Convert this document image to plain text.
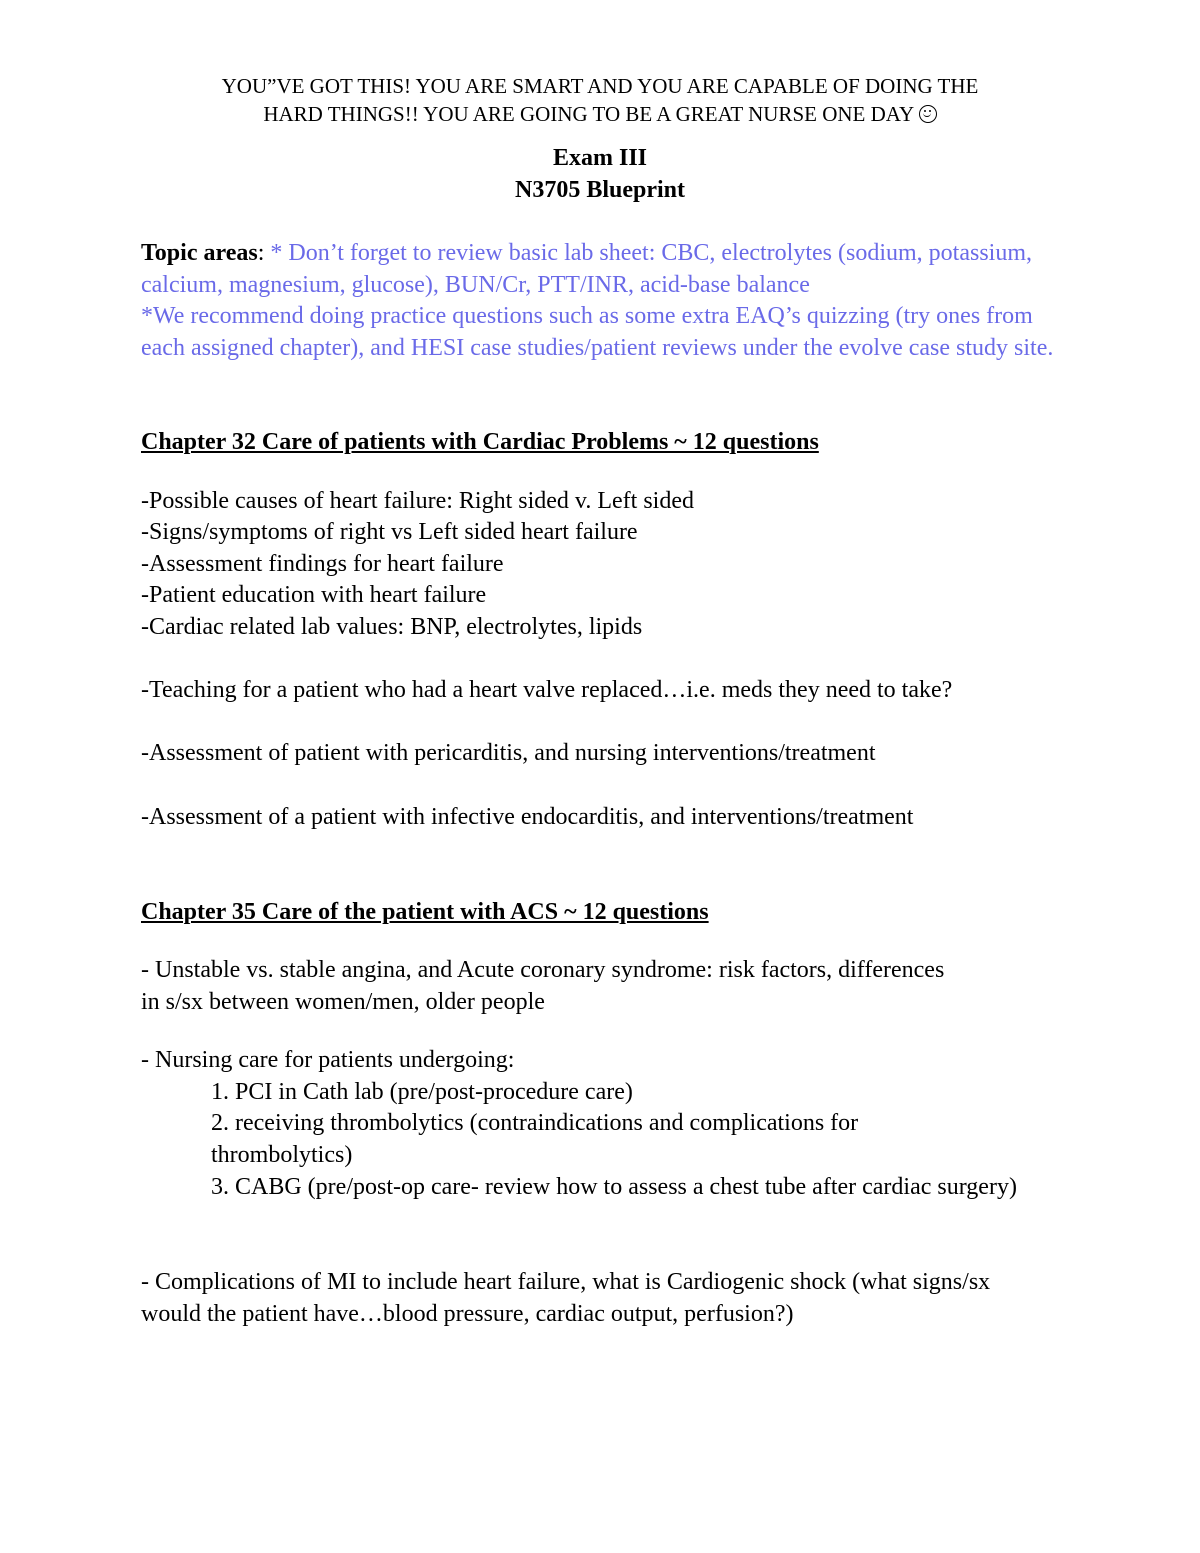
YOU”VE GOT THIS! YOU ARE SMART AND YOU ARE CAPABLE OF DOING THE
HARD THINGS!! YOU ARE GOING TO BE A GREAT NURSE ONE DAY
Exam III
N3705 Blueprint
Topic areas: * Don’t forget to review basic lab sheet: CBC, electrolytes (sodium, potassium, calcium, magnesium, glucose), BUN/Cr, PTT/INR, acid-base balance
*We recommend doing practice questions such as some extra EAQ’s quizzing (try ones from each assigned chapter), and HESI case studies/patient reviews under the evolve case study site.
Chapter 32 Care of patients with Cardiac Problems ~ 12 questions
-Possible causes of heart failure: Right sided v. Left sided
-Signs/symptoms of right vs Left sided heart failure
-Assessment findings for heart failure
-Patient education with heart failure
-Cardiac related lab values: BNP, electrolytes, lipids
-Teaching for a patient who had a heart valve replaced…i.e. meds they need to take?
-Assessment of patient with pericarditis, and nursing interventions/treatment
-Assessment of a patient with infective endocarditis, and interventions/treatment
Chapter 35 Care of the patient with ACS ~ 12 questions
- Unstable vs. stable angina, and Acute coronary syndrome: risk factors, differences in s/sx between women/men, older people
- Nursing care for patients undergoing:
1. PCI in Cath lab (pre/post-procedure care)
2. receiving thrombolytics (contraindications and complications for thrombolytics)
3. CABG (pre/post-op care- review how to assess a chest tube after cardiac surgery)
- Complications of MI to include heart failure, what is Cardiogenic shock (what signs/sx would the patient have…blood pressure, cardiac output, perfusion?)
